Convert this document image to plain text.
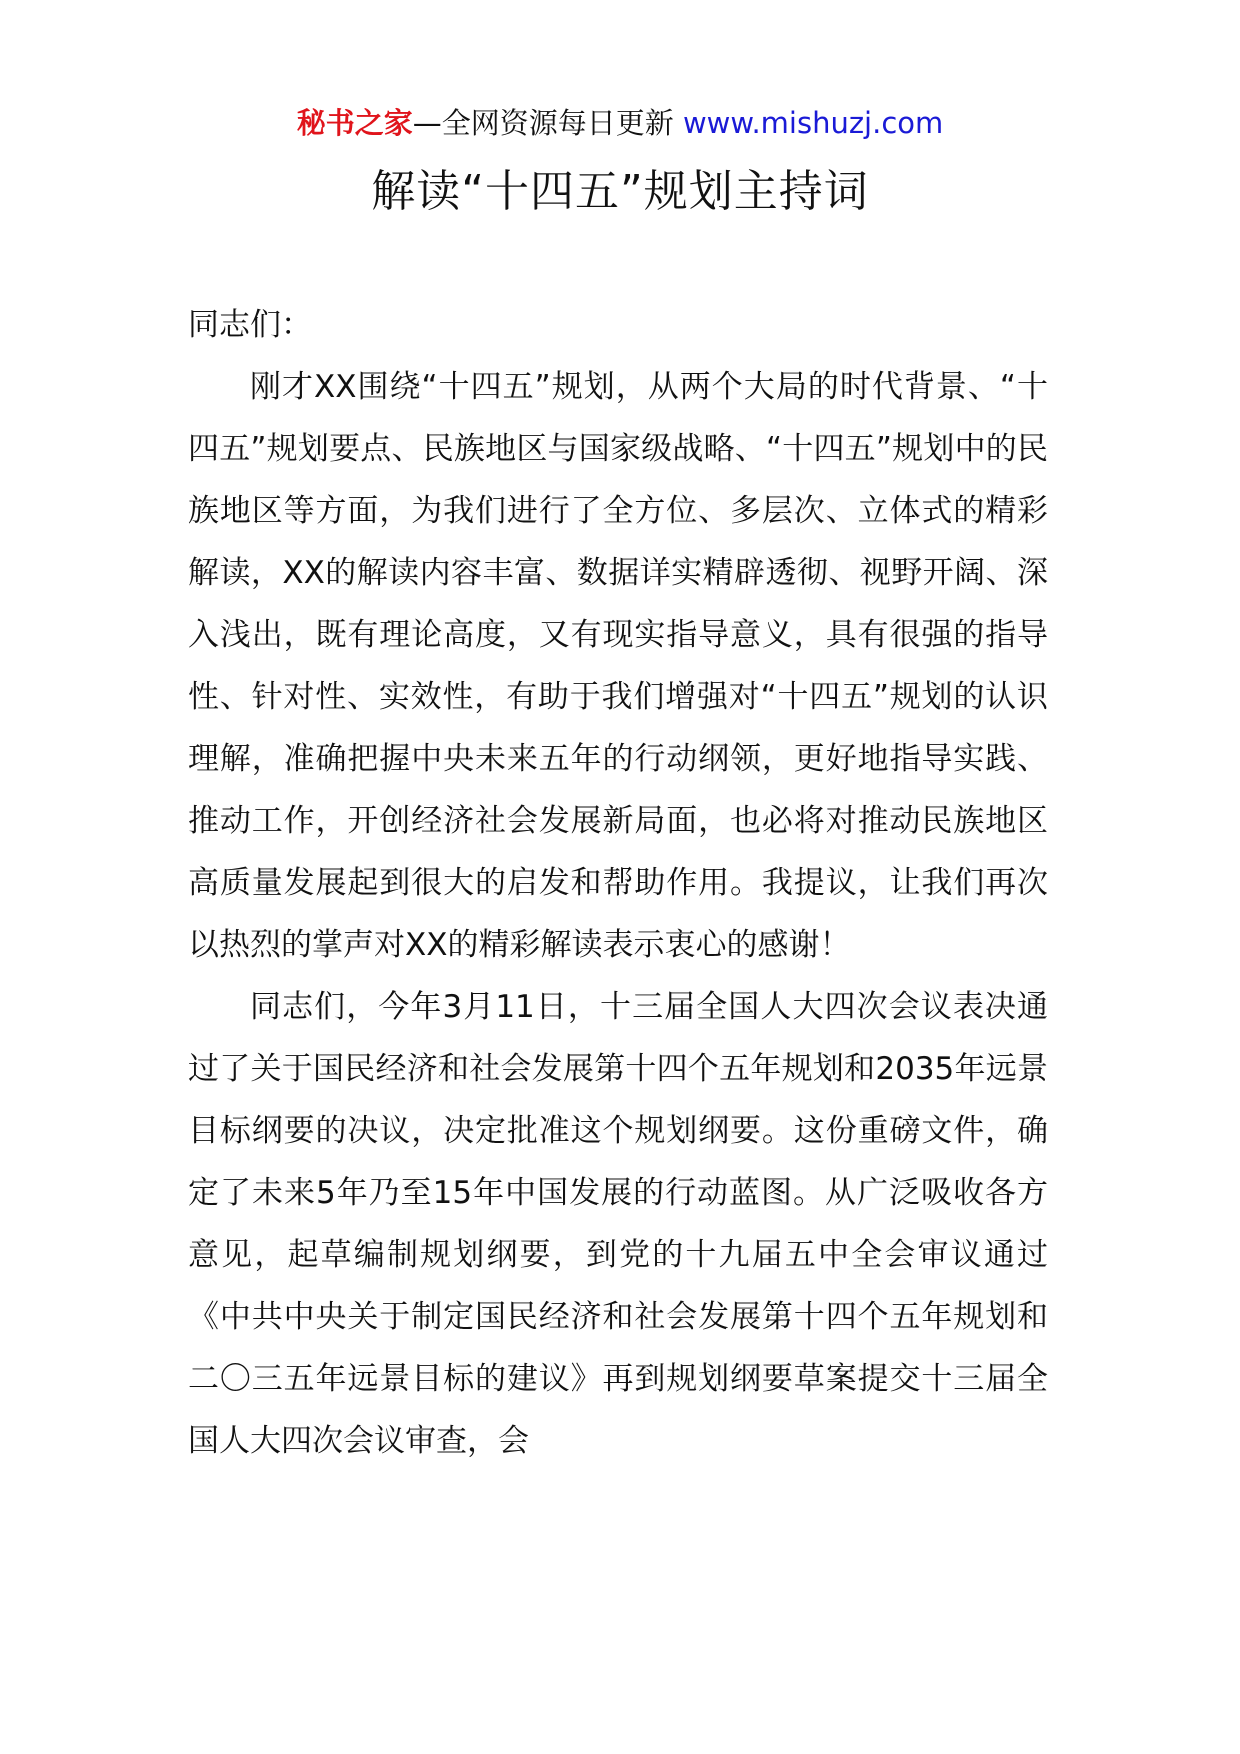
秘书之家—全网资源每日更新 www.mishuzj.com
解读“十四五”规划主持词

同志们：

刚才XX围绕“十四五”规划，从两个大局的时代背景、“十四五”规划要点、民族地区与国家级战略、“十四五”规划中的民族地区等方面，为我们进行了全方位、多层次、立体式的精彩解读，XX的解读内容丰富、数据详实精辟透彻、视野开阔、深入浅出，既有理论高度，又有现实指导意义，具有很强的指导性、针对性、实效性，有助于我们增强对“十四五”规划的认识理解，准确把握中央未来五年的行动纲领，更好地指导实践、推动工作，开创经济社会发展新局面，也必将对推动民族地区高质量发展起到很大的启发和帮助作用。我提议，让我们再次以热烈的掌声对XX的精彩解读表示衷心的感谢！

同志们，今年3月11日，十三届全国人大四次会议表决通过了关于国民经济和社会发展第十四个五年规划和2035年远景目标纲要的决议，决定批准这个规划纲要。这份重磅文件，确定了未来5年乃至15年中国发展的行动蓝图。从广泛吸收各方意见，起草编制规划纲要，到党的十九届五中全会审议通过《中共中央关于制定国民经济和社会发展第十四个五年规划和二〇三五年远景目标的建议》再到规划纲要草案提交十三届全国人大四次会议审查，会
